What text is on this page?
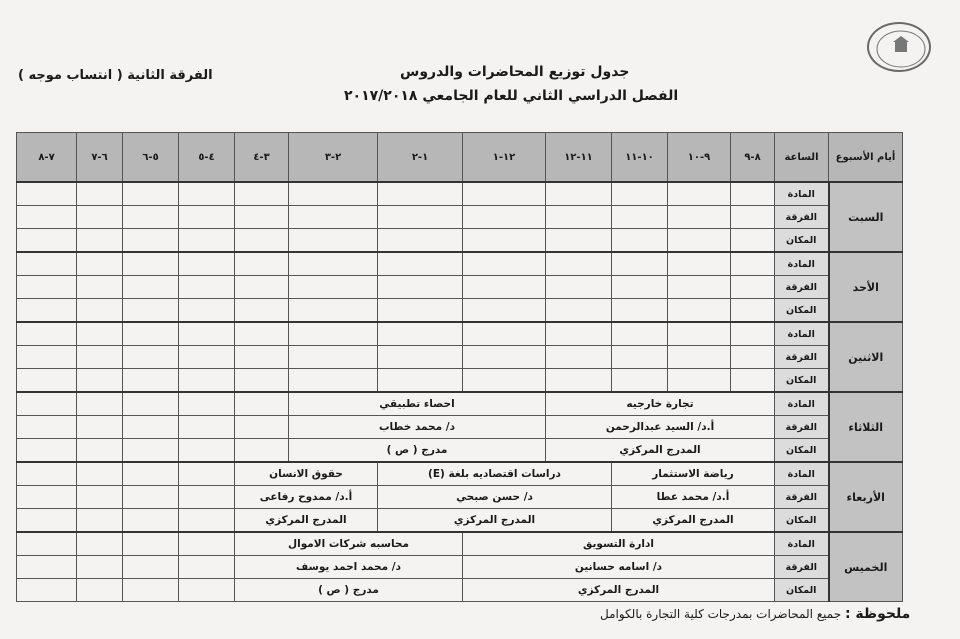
جدول توزيع المحاضرات والدروس
الفصل الدراسي الثاني للعام الجامعي ٢٠١٧/٢٠١٨
الفرقة الثانية ( انتساب موجه )
أيام الأسبوع	الساعة	٨-٩	٩-١٠	١٠-١١	١١-١٢	١٢-١	١-٢	٢-٣	٣-٤	٤-٥	٥-٦	٦-٧	٧-٨
السبت	المادة												
	الفرقة												
	المكان												
الأحد	المادة												
	الفرقة												
	المكان												
الاثنين	المادة												
	الفرقة												
	المكان												
الثلاثاء	المادة	تجارة خارجيه				احصاء تطبيقي							
	الفرقة	أ.د/ السيد عبدالرحمن				د/ محمد خطاب							
	المكان	المدرج المركزي				مدرج ( ص )							
الأربعاء	المادة	رياضة الاستثمار			دراسات اقتصاديه بلغة (E)			حقوق الانسان					
	الفرقة	أ.د/ محمد عطا			د/ حسن صبحي			أ.د/ ممدوح رفاعى					
	المكان	المدرج المركزي			المدرج المركزي			المدرج المركزي					
الخميس	المادة	ادارة التسويق					محاسبه شركات الاموال						
	الفرقة	د/ اسامه حسانين					د/ محمد احمد يوسف						
	المكان	المدرج المركزي					مدرج ( ص )						
ملحوظة : جميع المحاضرات بمدرجات كلية التجارة بالكوامل
